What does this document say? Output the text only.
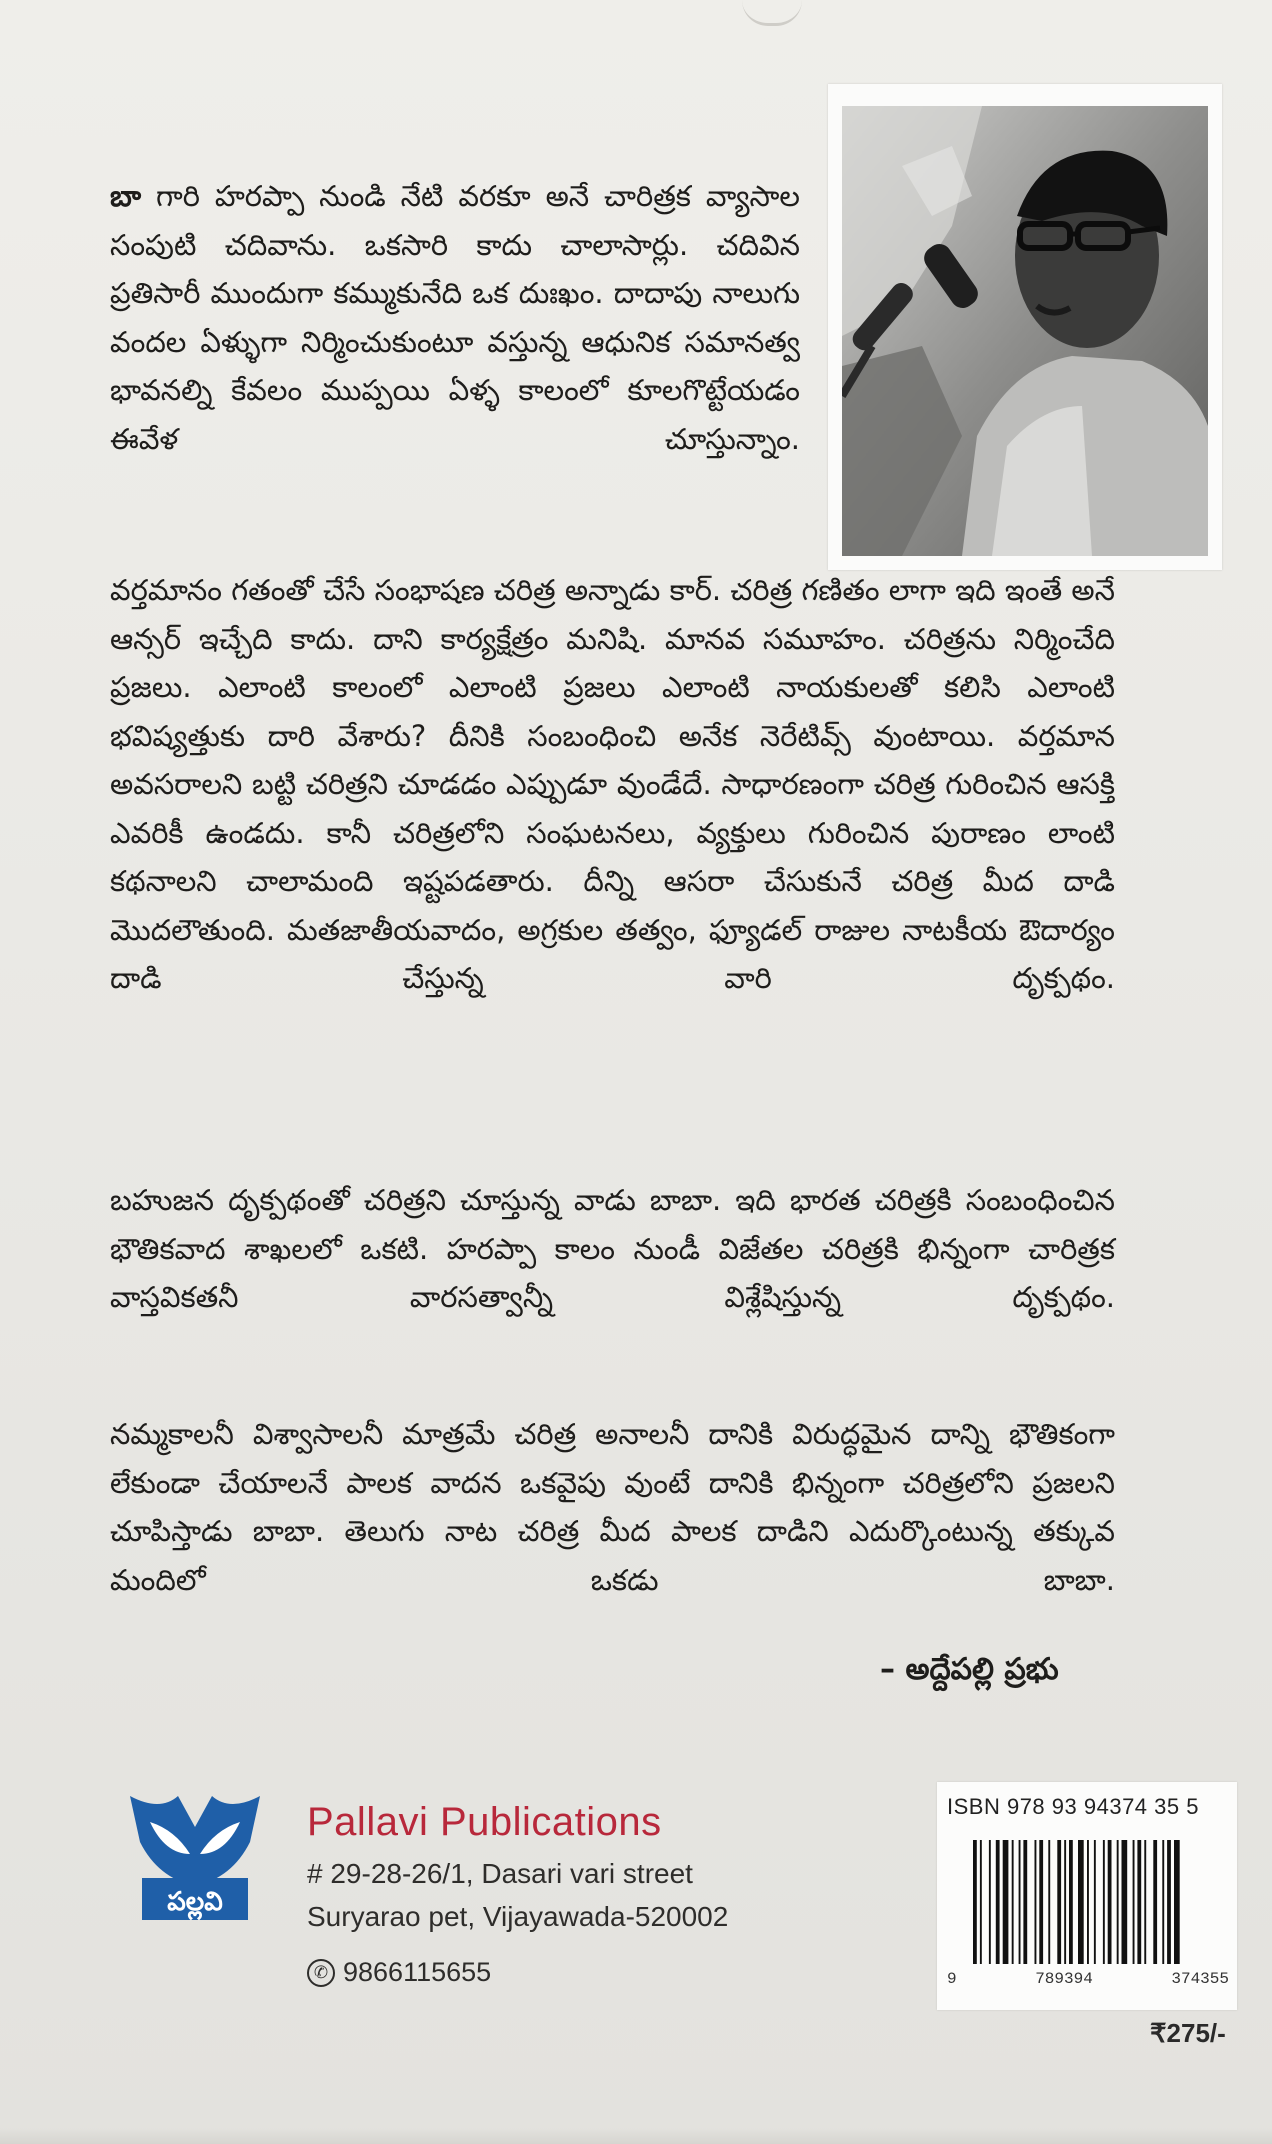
బా గారి హరప్పా నుండి నేటి వరకూ అనే చారిత్రక వ్యాసాల సంపుటి చదివాను. ఒకసారి కాదు చాలాసార్లు. చదివిన ప్రతిసారీ ముందుగా కమ్ముకునేది ఒక దుఃఖం. దాదాపు నాలుగు వందల ఏళ్ళుగా నిర్మించుకుంటూ వస్తున్న ఆధునిక సమానత్వ భావనల్ని కేవలం ముప్పయి ఏళ్ళ కాలంలో కూలగొట్టేయడం ఈవేళ చూస్తున్నాం.

వర్తమానం గతంతో చేసే సంభాషణ చరిత్ర అన్నాడు కార్. చరిత్ర గణితం లాగా ఇది ఇంతే అనే ఆన్సర్ ఇచ్చేది కాదు. దాని కార్యక్షేత్రం మనిషి. మానవ సమూహం. చరిత్రను నిర్మించేది ప్రజలు. ఎలాంటి కాలంలో ఎలాంటి ప్రజలు ఎలాంటి నాయకులతో కలిసి ఎలాంటి భవిష్యత్తుకు దారి వేశారు? దీనికి సంబంధించి అనేక నెరేటివ్స్ వుంటాయి. వర్తమాన అవసరాలని బట్టి చరిత్రని చూడడం ఎప్పుడూ వుండేదే. సాధారణంగా చరిత్ర గురించిన ఆసక్తి ఎవరికీ ఉండదు. కానీ చరిత్రలోని సంఘటనలు, వ్యక్తులు గురించిన పురాణం లాంటి కథనాలని చాలామంది ఇష్టపడతారు. దీన్ని ఆసరా చేసుకునే చరిత్ర మీద దాడి మొదలౌతుంది. మతజాతీయవాదం, అగ్రకుల తత్వం, ఫ్యూడల్ రాజుల నాటకీయ ఔదార్యం దాడి చేస్తున్న వారి దృక్పథం.

బహుజన దృక్పథంతో చరిత్రని చూస్తున్న వాడు బాబా. ఇది భారత చరిత్రకి సంబంధించిన భౌతికవాద శాఖలలో ఒకటి. హరప్పా కాలం నుండీ విజేతల చరిత్రకి భిన్నంగా చారిత్రక వాస్తవికతనీ వారసత్వాన్నీ విశ్లేషిస్తున్న దృక్పథం.

నమ్మకాలనీ విశ్వాసాలనీ మాత్రమే చరిత్ర అనాలనీ దానికి విరుద్ధమైన దాన్ని భౌతికంగా లేకుండా చేయాలనే పాలక వాదన ఒకవైపు వుంటే దానికి భిన్నంగా చరిత్రలోని ప్రజలని చూపిస్తాడు బాబా. తెలుగు నాట చరిత్ర మీద పాలక దాడిని ఎదుర్కొంటున్న తక్కువ మందిలో ఒకడు బాబా.

– అద్దేపల్లి ప్రభు
పల్లవి
Pallavi Publications
# 29-28-26/1, Dasari vari street
Suryarao pet, Vijayawada-520002
✆ 9866115655
ISBN 978 93 94374 35 5
9	789394	374355
₹275/-
